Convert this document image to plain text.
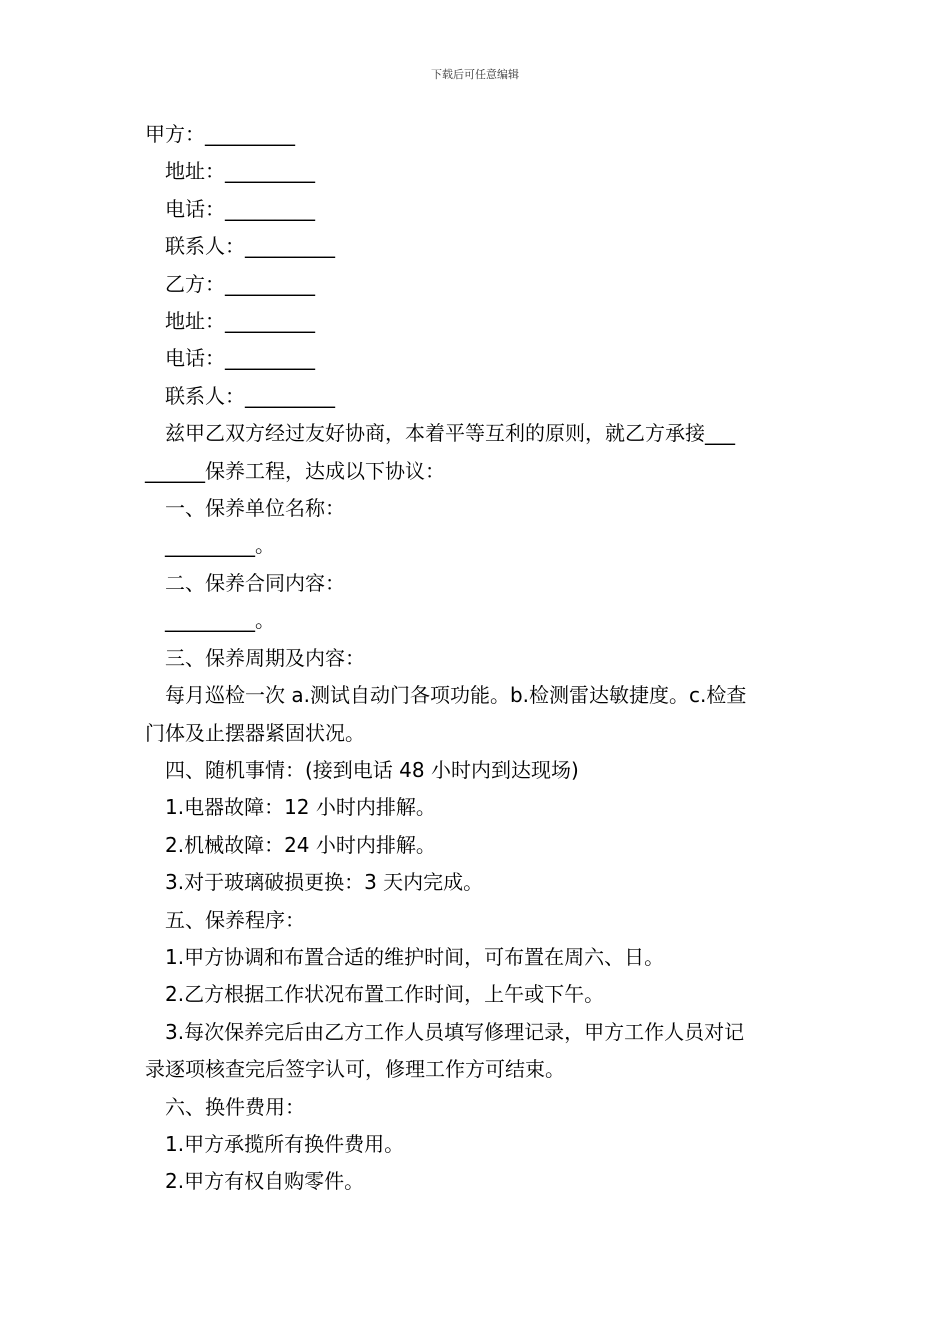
下载后可任意编辑
甲方：_________
地址：_________
电话：_________
联系人：_________
乙方：_________
地址：_________
电话：_________
联系人：_________
兹甲乙双方经过友好协商，本着平等互利的原则，就乙方承接___
______保养工程，达成以下协议：
一、保养单位名称：
_________。
二、保养合同内容：
_________。
三、保养周期及内容：
每月巡检一次 a.测试自动门各项功能。b.检测雷达敏捷度。c.检查
门体及止摆器紧固状况。
四、随机事情：(接到电话 48 小时内到达现场)
1.电器故障：12 小时内排解。
2.机械故障：24 小时内排解。
3.对于玻璃破损更换：3 天内完成。
五、保养程序：
1.甲方协调和布置合适的维护时间，可布置在周六、日。
2.乙方根据工作状况布置工作时间，上午或下午。
3.每次保养完后由乙方工作人员填写修理记录，甲方工作人员对记
录逐项核查完后签字认可，修理工作方可结束。
六、换件费用：
1.甲方承揽所有换件费用。
2.甲方有权自购零件。
